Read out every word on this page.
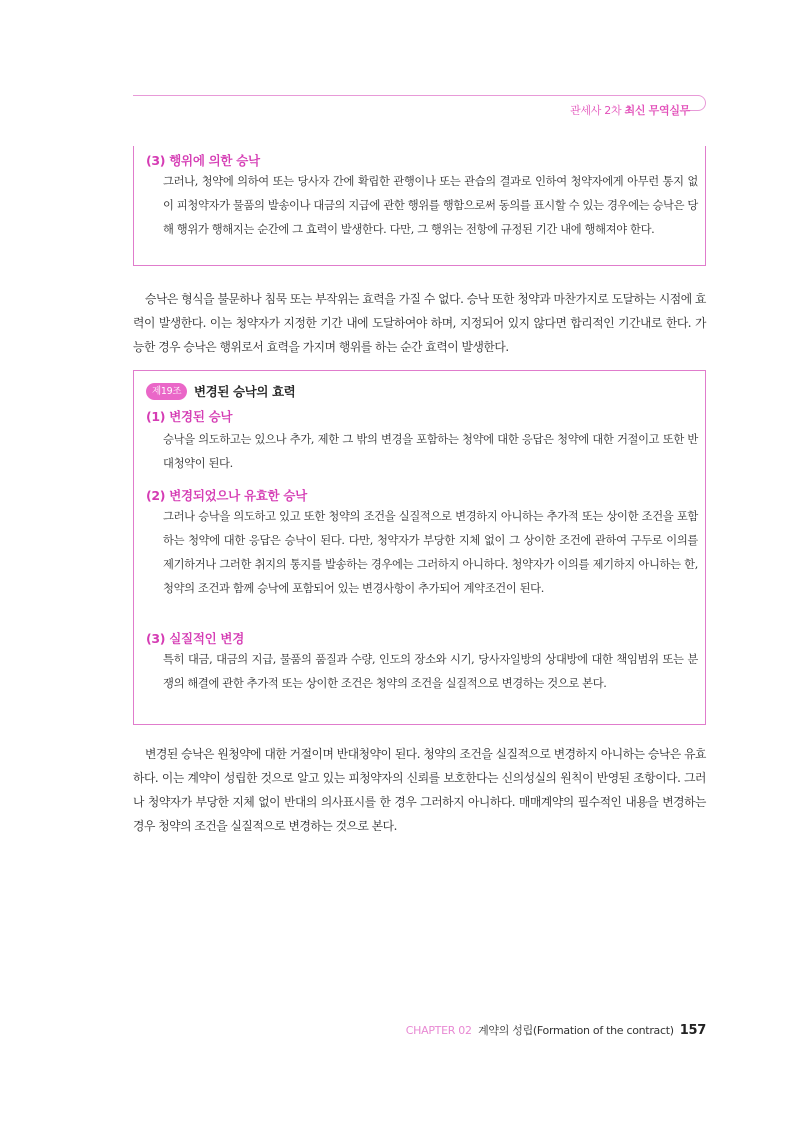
관세사 2차 최신 무역실무
(3) 행위에 의한 승낙
그러나, 청약에 의하여 또는 당사자 간에 확립한 관행이나 또는 관습의 결과로 인하여 청약자에게 아무런 통지 없이 피청약자가 물품의 발송이나 대금의 지급에 관한 행위를 행함으로써 동의를 표시할 수 있는 경우에는 승낙은 당해 행위가 행해지는 순간에 그 효력이 발생한다. 다만, 그 행위는 전항에 규정된 기간 내에 행해져야 한다.
승낙은 형식을 불문하나 침묵 또는 부작위는 효력을 가질 수 없다. 승낙 또한 청약과 마찬가지로 도달하는 시점에 효력이 발생한다. 이는 청약자가 지정한 기간 내에 도달하여야 하며, 지정되어 있지 않다면 합리적인 기간내로 한다. 가능한 경우 승낙은 행위로서 효력을 가지며 행위를 하는 순간 효력이 발생한다.
제19조	변경된 승낙의 효력
(1) 변경된 승낙
승낙을 의도하고는 있으나 추가, 제한 그 밖의 변경을 포함하는 청약에 대한 응답은 청약에 대한 거절이고 또한 반대청약이 된다.
(2) 변경되었으나 유효한 승낙
그러나 승낙을 의도하고 있고 또한 청약의 조건을 실질적으로 변경하지 아니하는 추가적 또는 상이한 조건을 포함하는 청약에 대한 응답은 승낙이 된다. 다만, 청약자가 부당한 지체 없이 그 상이한 조건에 관하여 구두로 이의를 제기하거나 그러한 취지의 통지를 발송하는 경우에는 그러하지 아니하다. 청약자가 이의를 제기하지 아니하는 한, 청약의 조건과 함께 승낙에 포함되어 있는 변경사항이 추가되어 계약조건이 된다.
(3) 실질적인 변경
특히 대금, 대금의 지급, 물품의 품질과 수량, 인도의 장소와 시기, 당사자일방의 상대방에 대한 책임범위 또는 분쟁의 해결에 관한 추가적 또는 상이한 조건은 청약의 조건을 실질적으로 변경하는 것으로 본다.
변경된 승낙은 원청약에 대한 거절이며 반대청약이 된다. 청약의 조건을 실질적으로 변경하지 아니하는 승낙은 유효하다. 이는 계약이 성립한 것으로 알고 있는 피청약자의 신뢰를 보호한다는 신의성실의 원칙이 반영된 조항이다. 그러나 청약자가 부당한 지체 없이 반대의 의사표시를 한 경우 그러하지 아니하다. 매매계약의 필수적인 내용을 변경하는 경우 청약의 조건을 실질적으로 변경하는 것으로 본다.
CHAPTER 02 계약의 성립(Formation of the contract) 157
